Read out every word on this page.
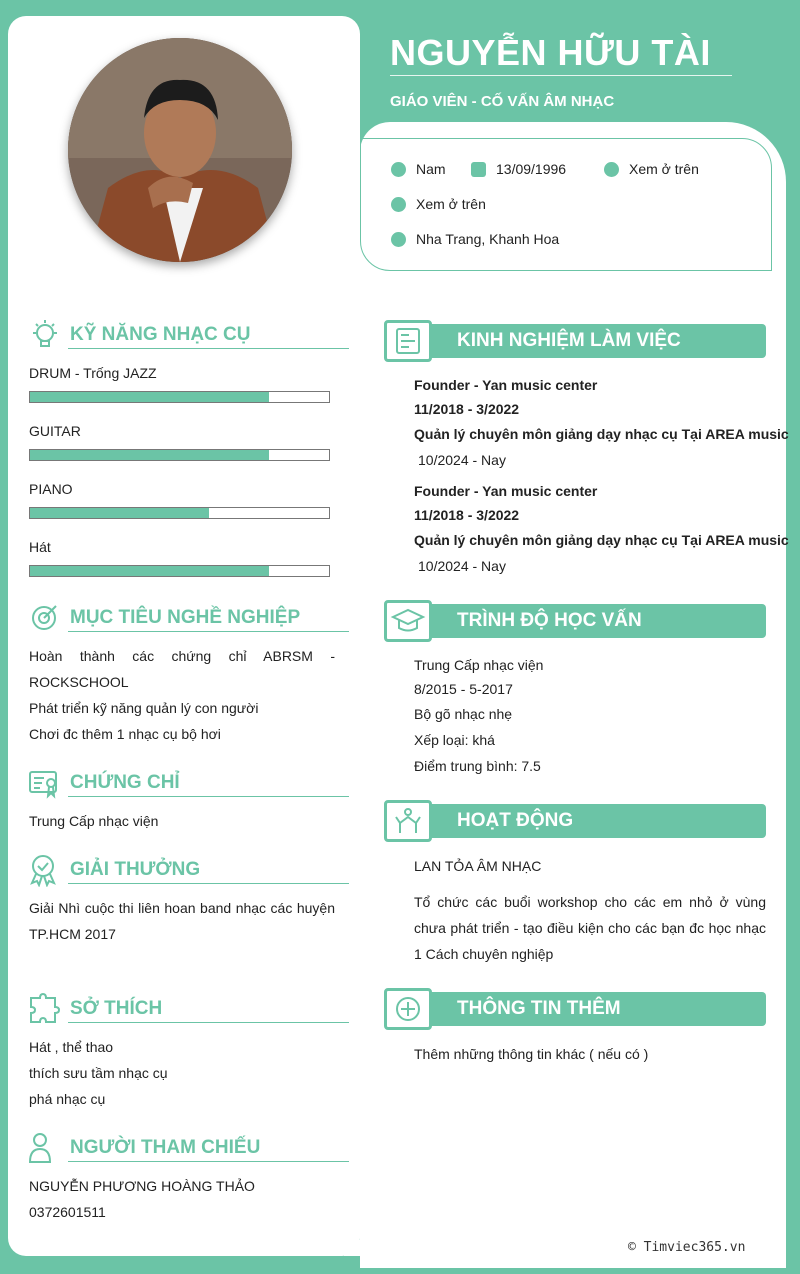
NGUYỄN HỮU TÀI
GIÁO VIÊN - CỐ VẤN ÂM NHẠC
Nam	13/09/1996	Xem ở trên
Xem ở trên
Nha Trang, Khanh Hoa
KỸ NĂNG NHẠC CỤ
DRUM - Trống JAZZ
GUITAR
PIANO
Hát
MỤC TIÊU NGHỀ NGHIỆP
Hoàn thành các chứng chỉ ABRSM -
ROCKSCHOOL
Phát triển kỹ năng quản lý con người
Chơi đc thêm 1 nhạc cụ bộ hơi
CHỨNG CHỈ
Trung Cấp nhạc viện
GIẢI THƯỞNG
Giải Nhì cuộc thi liên hoan band nhạc các huyện
TP.HCM 2017
SỞ THÍCH
Hát , thể thao
thích sưu tầm nhạc cụ
phá nhạc cụ
NGƯỜI THAM CHIẾU
NGUYỄN PHƯƠNG HOÀNG THẢO
0372601511
KINH NGHIỆM LÀM VIỆC
Founder - Yan music center
11/2018 - 3/2022
Quản lý chuyên môn giảng dạy nhạc cụ Tại AREA music
10/2024 - Nay
Founder - Yan music center
11/2018 - 3/2022
Quản lý chuyên môn giảng dạy nhạc cụ Tại AREA music
10/2024 - Nay
TRÌNH ĐỘ HỌC VẤN
Trung Cấp nhạc viện
8/2015 - 5-2017
Bộ gõ nhạc nhẹ
Xếp loại: khá
Điểm trung bình: 7.5
HOẠT ĐỘNG
LAN TỎA ÂM NHẠC
Tổ chức các buổi workshop cho các em nhỏ ở vùng
chưa phát triển - tạo điều kiện cho các bạn đc học nhạc
1 Cách chuyên nghiệp
THÔNG TIN THÊM
Thêm những thông tin khác ( nếu có )
© Timviec365.vn
